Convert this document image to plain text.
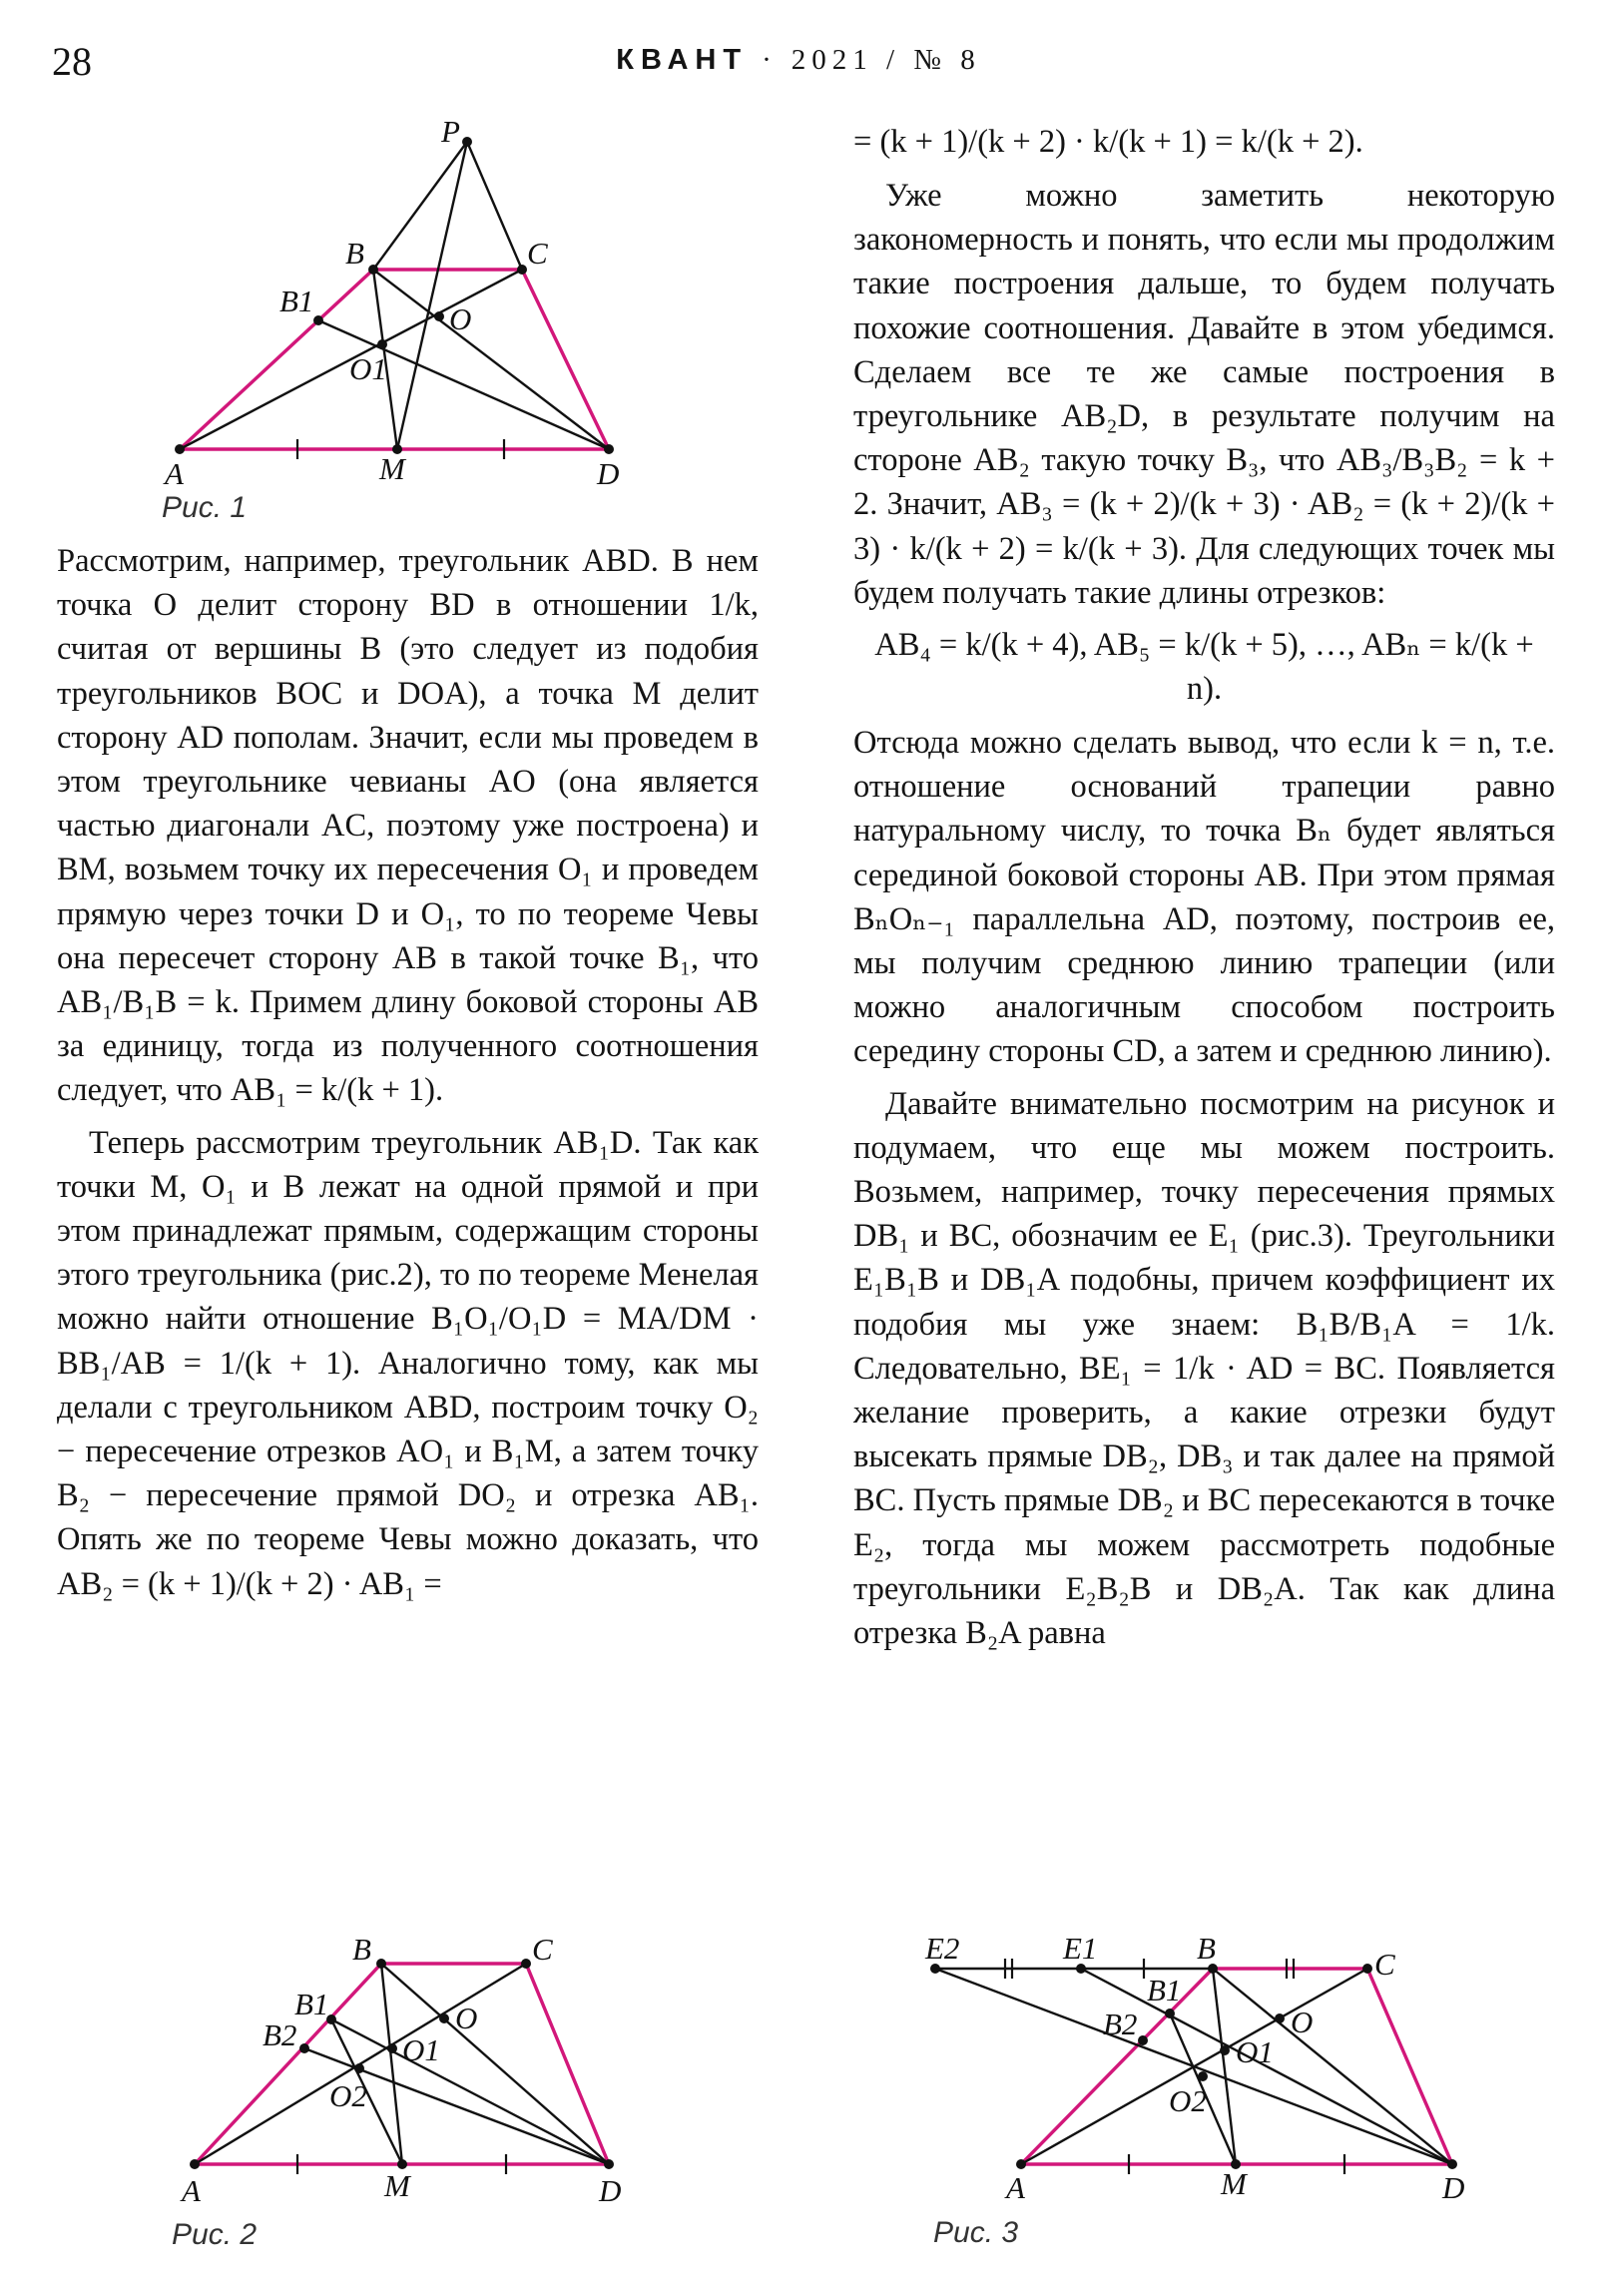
28	КВАНТ · 2021 / № 8
P
B	C
B1
O
O1
A	M	D
Рис. 1

Рассмотрим, например, треугольник ABD. В нем точка O делит сторону BD в отношении 1/k, считая от вершины B (это следует из подобия треугольников BOC и DOA), а точка M делит сторону AD пополам. Значит, если мы проведем в этом треугольнике чевианы AO (она является частью диагонали AC, поэтому уже построена) и BM, возьмем точку их пересечения O₁ и проведем прямую через точки D и O₁, то по теореме Чевы она пересечет сторону AB в такой точке B₁, что AB₁/B₁B = k. Примем длину боковой стороны AB за единицу, тогда из полученного соотношения следует, что AB₁ = k/(k + 1).

Теперь рассмотрим треугольник AB₁D. Так как точки M, O₁ и B лежат на одной прямой и при этом принадлежат прямым, содержащим стороны этого треугольника (рис.2), то по теореме Менелая можно найти отношение B₁O₁/O₁D = MA/DM · BB₁/AB = 1/(k + 1). Аналогично тому, как мы делали с треугольником ABD, построим точку O₂ − пересечение отрезков AO₁ и B₁M, а затем точку B₂ − пересечение прямой DO₂ и отрезка AB₁. Опять же по теореме Чевы можно доказать, что AB₂ = (k + 1)/(k + 2) · AB₁ =

= (k + 1)/(k + 2) · k/(k + 1) = k/(k + 2).

Уже можно заметить некоторую закономерность и понять, что если мы продолжим такие построения дальше, то будем получать похожие соотношения. Давайте в этом убедимся. Сделаем все те же самые построения в треугольнике AB₂D, в результате получим на стороне AB₂ такую точку B₃, что AB₃/B₃B₂ = k + 2. Значит, AB₃ = (k + 2)/(k + 3) · AB₂ = (k + 2)/(k + 3) · k/(k + 2) = k/(k + 3). Для следующих точек мы будем получать такие длины отрезков:

AB₄ = k/(k + 4), AB₅ = k/(k + 5), …, ABₙ = k/(k + n).

Отсюда можно сделать вывод, что если k = n, т.е. отношение оснований трапеции равно натуральному числу, то точка Bₙ будет являться серединой боковой стороны AB. При этом прямая BₙOₙ₋₁ параллельна AD, поэтому, построив ее, мы получим среднюю линию трапеции (или можно аналогичным способом построить середину стороны CD, а затем и среднюю линию).

Давайте внимательно посмотрим на рисунок и подумаем, что еще мы можем построить. Возьмем, например, точку пересечения прямых DB₁ и BC, обозначим ее E₁ (рис.3). Треугольники E₁B₁B и DB₁A подобны, причем коэффициент их подобия мы уже знаем: B₁B/B₁A = 1/k. Следовательно, BE₁ = 1/k · AD = BC. Появляется желание проверить, а какие отрезки будут высекать прямые DB₂, DB₃ и так далее на прямой BC. Пусть прямые DB₂ и BC пересекаются в точке E₂, тогда мы можем рассмотреть подобные треугольники E₂B₂B и DB₂A. Так как длина отрезка B₂A равна

B	C
B1	O
B2	O1
O2
A	M	D
Рис. 2
E2	E1	B	C
B1
O
B2
O1
O2
A	M	D
Рис. 3
